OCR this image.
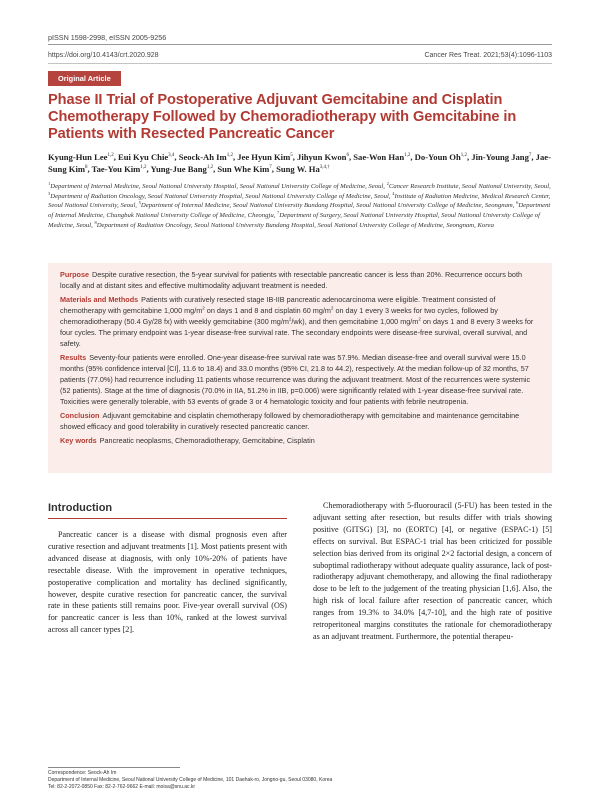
pISSN 1598-2998, eISSN 2005-9256
https://doi.org/10.4143/crt.2020.928	Cancer Res Treat. 2021;53(4):1096-1103
Original Article
Phase II Trial of Postoperative Adjuvant Gemcitabine and Cisplatin Chemotherapy Followed by Chemoradiotherapy with Gemcitabine in Patients with Resected Pancreatic Cancer
Kyung-Hun Lee$^{1,2}$, Eui Kyu Chie$^{3,4}$, Seock-Ah Im$^{1,2}$, Jee Hyun Kim$^5$, Jihyun Kwon$^6$, Sae-Won Han$^{1,2}$, Do-Youn Oh$^{1,2}$, Jin-Young Jang$^7$, Jae-Sung Kim$^8$, Tae-You Kim$^{1,2}$, Yung-Jue Bang$^{1,2}$, Sun Whe Kim$^7$, Sung W. $Ha^{3,4,\dagger}$
$^1$Department of Internal Medicine, Seoul National University Hospital, Seoul National University College of Medicine, Seoul, $^2$Cancer Research Institute, Seoul National University, Seoul, $^3$Department of Radiation Oncology, Seoul National University Hospital, Seoul National University College of Medicine, Seoul, $^4$Institute of Radiation Medicine, Medical Research Center, Seoul National University, Seoul, $^5$Department of Internal Medicine, Seoul National University Bundang Hospital, Seoul National University College of Medicine, Seongnam, $^6$Department of Internal Medicine, Chungbuk National University College of Medicine, Cheongju, $^7$Department of Surgery, Seoul National University Hospital, Seoul National University College of Medicine, Seoul, $^8$Department of Radiation Oncology, Seoul National University Bundang Hospital, Seoul National University College of Medicine, Seongnam, Korea

Purpose Despite curative resection, the 5-year survival for patients with resectable pancreatic cancer is less than 20%. Recurrence occurs both locally and at distant sites and effective multimodality adjuvant treatment is needed.

Materials and Methods Patients with curatively resected stage IB-IIB pancreatic adenocarcinoma were eligible. Treatment consisted of chemotherapy with gemcitabine 1,000 $mg/m^2$ on days 1 and 8 and cisplatin 60 $mg/m^2$ on day 1 every 3 weeks for two cycles, followed by chemoradiotherapy (50.4 Gy/28 fx) with weekly gemcitabine (300 $mg/m^2/wk$), and then gemcitabine 1,000 $mg/m^2$ on days 1 and 8 every 3 weeks for four cycles. The primary endpoint was 1-year disease-free survival rate. The secondary endpoints were disease-free survival, overall survival, and safety.

Results Seventy-four patients were enrolled. One-year disease-free survival rate was 57.9%. Median disease-free and overall survival were 15.0 months (95% confidence interval [CI], 11.6 to 18.4) and 33.0 months (95% CI, 21.8 to 44.2), respectively. At the median follow-up of 32 months, 57 patients (77.0%) had recurrence including 11 patients whose recurrence was during the adjuvant treatment. Most of the recurrences were systemic (52 patients). Stage at the time of diagnosis (70.0% in IIA, 51.2% in IIB, p=0.006) were significantly related with 1-year disease-free survival rate. Toxicities were generally tolerable, with 53 events of grade 3 or 4 hematologic toxicity and four patients with febrile neutropenia.

Conclusion Adjuvant gemcitabine and cisplatin chemotherapy followed by chemoradiotherapy with gemcitabine and maintenance gemcitabine showed efficacy and good tolerability in curatively resected pancreatic cancer.

Key words Pancreatic neoplasms, Chemoradiotherapy, Gemcitabine, Cisplatin

Introduction

Pancreatic cancer is a disease with dismal prognosis even after curative resection and adjuvant treatments [1]. Most patients present with advanced disease at diagnosis, with only 10%-20% of patients have resectable disease. With the improvement in operative techniques, postoperative complication and mortality has declined significantly, however, despite curative resection for pancreatic cancer, the survival rate in these patients still remains poor. Five-year overall survival (OS) for pancreatic cancer is less than 10%, ranked at the lowest survival across all cancer types [2].

Chemoradiotherapy with 5-fluorouracil (5-FU) has been tested in the adjuvant setting after resection, but results differ with trials showing positive (GITSG) [3], no (EORTC) [4], or negative (ESPAC-1) [5] effects on survival. But ESPAC-1 trial has been criticized for possible selection bias derived from its original 2×2 factorial design, a concern of suboptimal radiotherapy without adequate quality assurance, lack of post-radiotherapy adjuvant chemotherapy, and allowing the final radiotherapy dose to be left to the judgement of the treating physician [1,6]. Also, the high risk of local failure after resection of pancreatic cancer, which ranges from 19.3% to 34.0% [4,7-10], and the high rate of positive retroperitoneal margins constitutes the rationale for chemoradiotherapy as an adjuvant treatment. Furthermore, the potential therapeu-

Correspondence: Seock-Ah Im
Department of Internal Medicine, Seoul National University College of Medicine, 101 Daehak-ro, Jongno-gu, Seoul 03080, Korea
Tel: 82-2-2072-0850 Fax: 82-2-762-9662 E-mail: moisa@snu.ac.kr
